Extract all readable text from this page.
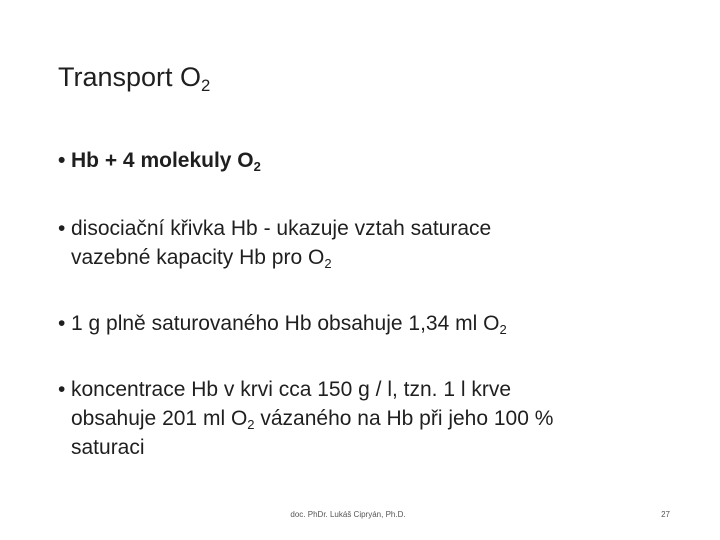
Transport $O_2$
• Hb + 4 molekuly $O_2$
• disociační křivka Hb - ukazuje vztah saturace
vazebné kapacity Hb pro $O_2$
• 1 g plně saturovaného Hb obsahuje 1,34 ml $O_2$
• koncentrace Hb v krvi cca 150 g / l, tzn. 1 l krve
obsahuje 201 ml $O_2$ vázaného na Hb při jeho 100 %
saturaci
doc. PhDr. Lukáš Cipryán, Ph.D.	27
